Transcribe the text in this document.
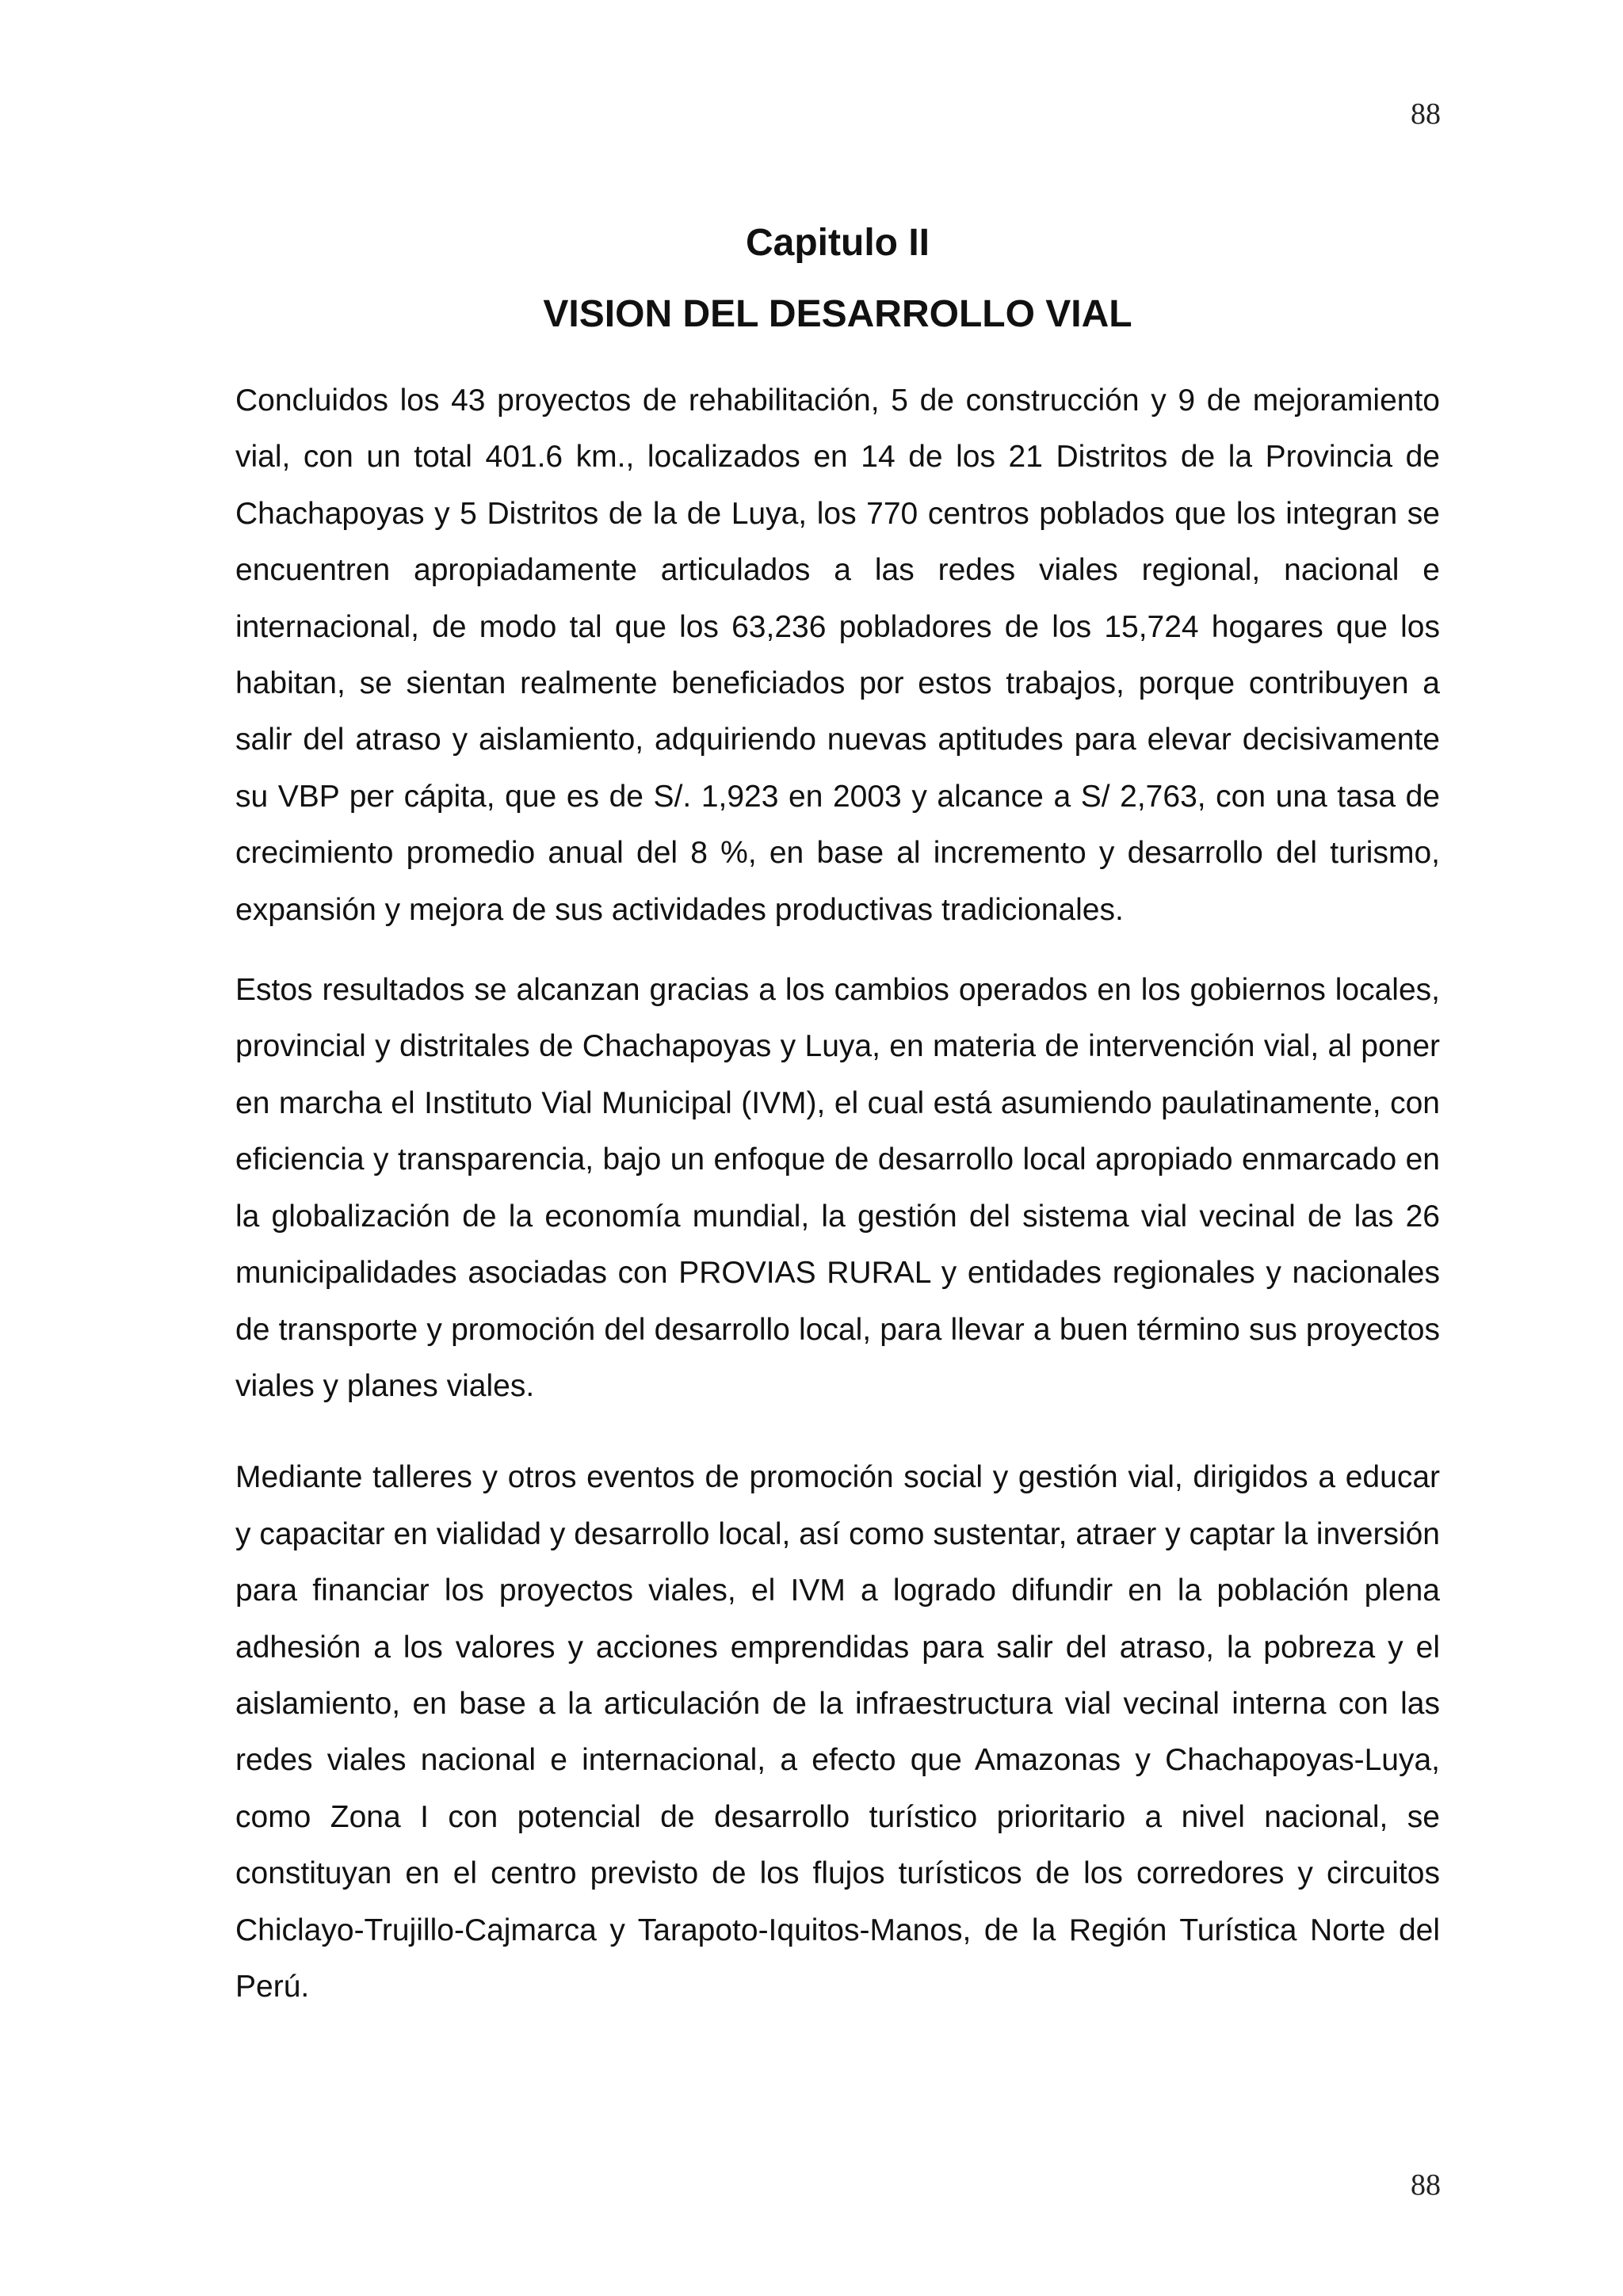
88
Capitulo II
VISION DEL DESARROLLO VIAL

Concluidos los 43 proyectos de rehabilitación, 5 de construcción y 9 de mejoramiento vial, con un total 401.6 km., localizados en 14 de los 21 Distritos de la Provincia de Chachapoyas y 5 Distritos de la de Luya, los 770 centros poblados que los integran se encuentren apropiadamente articulados a las redes viales regional, nacional e internacional, de modo tal que los 63,236 pobladores de los 15,724 hogares que los habitan, se sientan realmente beneficiados por estos trabajos, porque contribuyen a salir del atraso y aislamiento, adquiriendo nuevas aptitudes para elevar decisivamente su VBP per cápita, que es de S/. 1,923 en 2003 y alcance a S/ 2,763, con una tasa de crecimiento promedio anual del 8 %, en base al incremento y desarrollo del turismo, expansión y mejora de sus actividades productivas tradicionales.

Estos resultados se alcanzan gracias a los cambios operados en los gobiernos locales, provincial y distritales de Chachapoyas y Luya, en materia de intervención vial, al poner en marcha el Instituto Vial Municipal (IVM), el cual está asumiendo paulatinamente, con eficiencia y transparencia, bajo un enfoque de desarrollo local apropiado enmarcado en la globalización de la economía mundial, la gestión del sistema vial vecinal de las 26 municipalidades asociadas con PROVIAS RURAL y entidades regionales y nacionales de transporte y promoción del desarrollo local, para llevar a buen término sus proyectos viales y planes viales.

Mediante talleres y otros eventos de promoción social y gestión vial, dirigidos a educar y capacitar en vialidad y desarrollo local, así como sustentar, atraer y captar la inversión para financiar los proyectos viales, el IVM a logrado difundir en la población plena adhesión a los valores y acciones emprendidas para salir del atraso, la pobreza y el aislamiento, en base a la articulación de la infraestructura vial vecinal interna con las redes viales nacional e internacional, a efecto que Amazonas y Chachapoyas-Luya, como Zona I con potencial de desarrollo turístico prioritario a nivel nacional, se constituyan en el centro previsto de los flujos turísticos de los corredores y circuitos Chiclayo-Trujillo-Cajmarca y Tarapoto-Iquitos-Manos, de la Región Turística Norte del Perú.

88
